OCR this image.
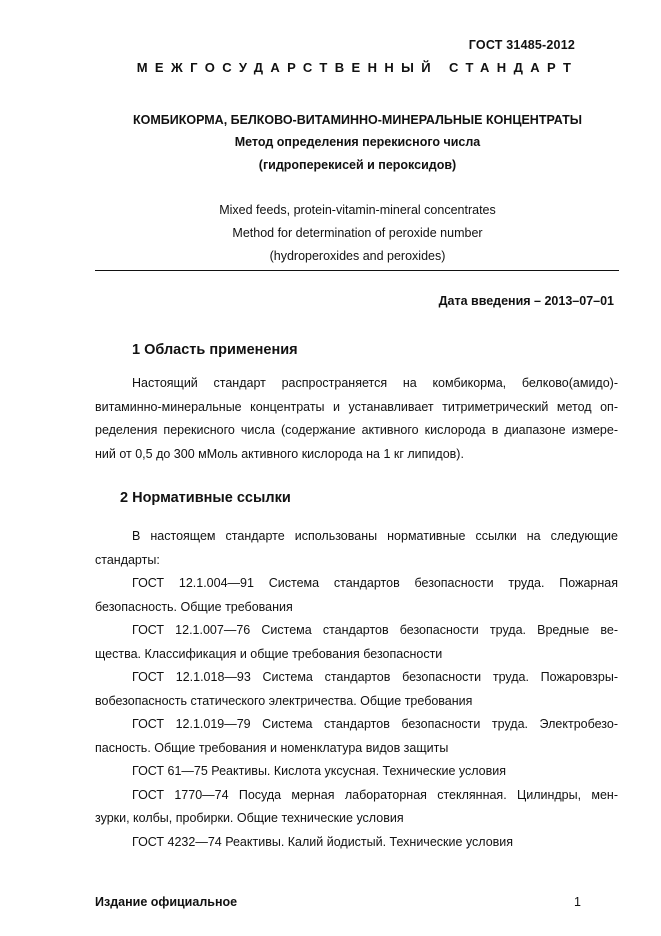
ГОСТ 31485-2012
МЕЖГОСУДАРСТВЕННЫЙ СТАНДАРТ
КОМБИКОРМА, БЕЛКОВО-ВИТАМИННО-МИНЕРАЛЬНЫЕ КОНЦЕНТРАТЫ
Метод определения перекисного числа
(гидроперекисей и пероксидов)
Mixed feeds, protein-vitamin-mineral concentrates
Method for determination of peroxide number
(hydroperoxides and peroxides)
Дата введения – 2013–07–01
1 Область применения
Настоящий стандарт распространяется на комбикорма, белково(амидо)-
витаминно-минеральные концентраты и устанавливает титриметрический метод оп-
ределения перекисного числа (содержание активного кислорода в диапазоне измере-
ний от 0,5 до 300 мМоль активного кислорода на 1 кг липидов).
2 Нормативные ссылки
В настоящем стандарте использованы нормативные ссылки на следующие
стандарты:
ГОСТ 12.1.004—91 Система стандартов безопасности труда. Пожарная
безопасность. Общие требования
ГОСТ 12.1.007—76 Система стандартов безопасности труда. Вредные ве-
щества. Классификация и общие требования безопасности
ГОСТ 12.1.018—93 Система стандартов безопасности труда. Пожаровзры-
вобезопасность статического электричества. Общие требования
ГОСТ 12.1.019—79 Система стандартов безопасности труда. Электробезо-
пасность. Общие требования и номенклатура видов защиты
ГОСТ 61—75 Реактивы. Кислота уксусная. Технические условия
ГОСТ 1770—74 Посуда мерная лабораторная стеклянная. Цилиндры, мен-
зурки, колбы, пробирки. Общие технические условия
ГОСТ 4232—74 Реактивы. Калий йодистый. Технические условия
Издание официальное	1
